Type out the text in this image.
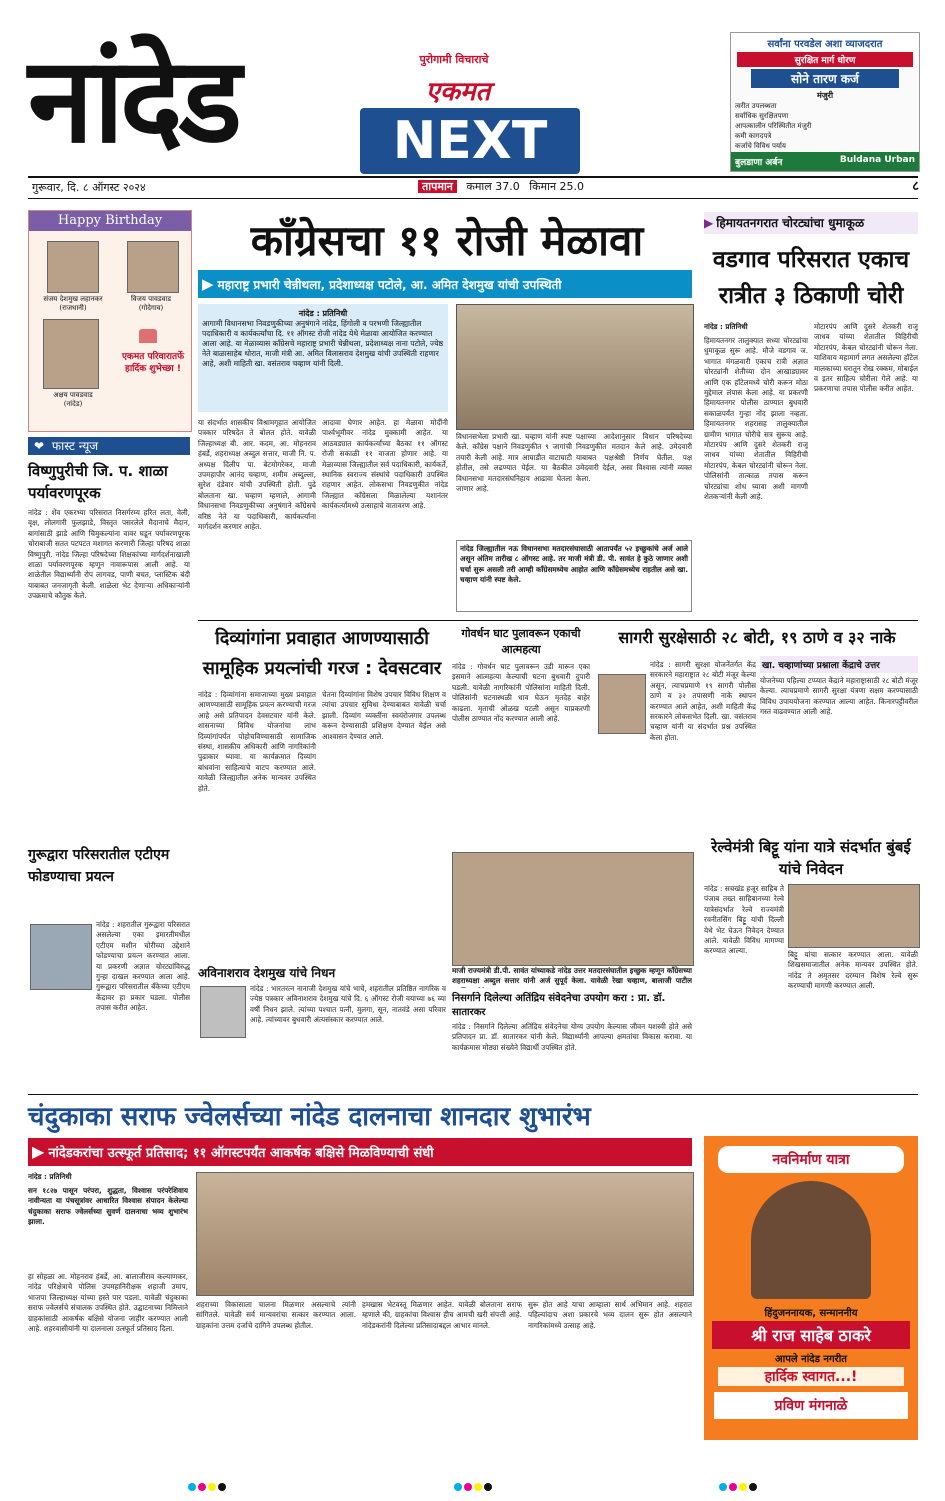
नांदेड	पुरोगामी विचाराचे
एकमत
NEXT
सर्वांना परवडेल अशा व्याजदरात
सुरक्षित मार्ग धोरण
सोने तारण कर्ज
मंजुरी
त्वरीत उपलब्धता
सर्वाधिक सुरक्षितपणा
आपत्कालीन परिस्थितीत मंजुरी
कमी कागदपत्रे
कर्जाचे विविध पर्याय
बुलडाणा अर्बन	Buldana Urban
गुरूवार, दि. ८ ऑगस्ट २०२४	तापमान कमाल 37.0 किमान 25.0	८
Happy Birthday
संजय देशमुख लहानकर
(राजधानी)
विजय पावडवाड
(गोदेगाव)
अक्षय पावडवाड
(नांदेड)
एकमत परिवारातर्फे हार्दिक शुभेच्छा !
❤ फास्ट न्यूज
विष्णुपुरीची जि. प. शाळा पर्यावरणपूरक
नांदेड : शेंव एकरभ्या परिसरात निसर्गरम्य हरित लता, वेली, वृक्ष, लोलगारी फुलझाडे, विस्तृत पसरलेले मैदानाचे मैदान, बागांसाठी झाडे आणि चिमुकल्यांना वावर घडून पर्यावरणपूरक चोराबाजी सतत पटपटत मशागत करणारी जिल्हा परिषद शाळा विष्णुपुरी. नांदेड जिल्हा परिषदेच्या शिक्षकांच्या मार्गदर्शनाखाली शाळा पर्यावरणपूरक म्हणून नावारूपास आली आहे. या शाळेतील विद्यार्थ्यांनी रोप लागवड, पाणी बचत, प्लास्टिक बंदी याबाबत जनजागृती केली. शाळेला भेट देणाऱ्या अधिकाऱ्यांनी उपक्रमाचे कौतुक केले.
कॉंग्रेसचा ११ रोजी मेळावा
▶ महाराष्ट्र प्रभारी चेन्नीथला, प्रदेशाध्यक्ष पटोले, आ. अमित देशमुख यांची उपस्थिती
नांदेड : प्रतिनिधी
आगामी विधानसभा निवडणुकीच्या अनुषंगाने नांदेड, हिंगोली व परभणी जिल्ह्यातील पदाधिकारी व कार्यकर्त्यांचा दि. ११ ऑगस्ट रोजी नांदेड येथे मेळावा आयोजित करण्यात आला आहे. या मेळाव्यास कॉंग्रेसचे महाराष्ट्र प्रभारी चेन्नीथला, प्रदेशाध्यक्ष नाना पटोले, ज्येष्ठ नेते बाळासाहेब थोरात, माजी मंत्री आ. अमित विलासराव देशमुख यांची उपस्थिती राहणार आहे, अशी माहिती खा. वसंतराव चव्हाण यांनी दिली.
या संदर्भात शासकीय विश्रामगृहात आयोजित पत्रकार परिषदेत ते बोलत होते. यावेळी जिल्हाध्यक्ष बी. आर. कदम, आ. मोहनराव हंबर्डे, शहराध्यक्ष अब्दुल सत्तार, माजी नि. प. अध्यक्ष दिलीप पा. बेटमोगरेकर, माजी उपमहापौर आनंद चव्हाण, शमीम अब्दुल्ला, सुरेश दंडेवार यांची उपस्थिती होती. पुढे बोलताना खा. चव्हाण म्हणाले, आगामी विधानसभा निवडणुकीच्या अनुषंगाने कॉंग्रेसचे वरिष्ठ नेते या पदाधिकारी, कार्यकर्त्यांना मार्गदर्शन करणार आहेत.
आदावा घेणार आहेत. हा मेळावा मोदींनी पार्श्वभूमीवर नांदेड मुक्कामी आहेत. या आठवड्यात कार्यकर्त्यांच्या बैठका ११ ऑगस्ट रोजी सकाळी ११ वाजता होणार आहे. या मेळाव्यास जिल्ह्यातील सर्व पदाधिकारी, कार्यकर्ते, स्थानिक स्वराज्य संस्थांचे पदाधिकारी उपस्थित राहणार आहेत. लोकसभा निवडणुकीत नांदेड जिल्ह्यात कॉंग्रेसला मिळालेल्या यशानंतर कार्यकर्त्यांमध्ये उत्साहाचे वातावरण आहे.
विधानसभेला प्रभारी खा. चव्हाण यांनी स्पष्ट केले. कॉंग्रेस पक्षाने निवडणुकीत ९ जागांची तयारी केली आहे. मात्र आघाडीत वाटाघाटी होतील, तसे लढण्यात येईल. या बैठकीत विधानसभा मतदारसंघनिहाय आढावा घेतला जाणार आहे.
पक्षाच्या आदेशानुसार विधान परिषदेच्या निवडणुकीत मतदान केले आहे. उमेदवारी याबाबत पक्षश्रेष्ठी निर्णय घेतील. पक्ष उमेदवारी देईल, असा विश्वास त्यांनी व्यक्त केला.
नांदेड जिल्ह्यातील नऊ विधानसभा मतदारसंघासाठी आतापर्यंत ५२ इच्छुकांचे अर्ज आले असून अंतिम तारीख ८ ऑगस्ट आहे. तर माजी मंत्री डी. पी. सावंत हे कुठे जाणार अशी चर्चा सुरू असली तरी आम्ही कॉंग्रेसमध्येच आहोत आणि कॉंग्रेसमध्येच राहतील असे खा. चव्हाण यांनी स्पष्ट केले.
▶ हिमायतनगरात चोरट्यांचा धुमाकूळ
वडगाव परिसरात एकाच रात्रीत ३ ठिकाणी चोरी
नांदेड : प्रतिनिधी
हिमायतनगर तालुक्यात सध्या चोरट्यांचा धुमाकूळ सुरू आहे. मौजे वडगाव ज. भागात मंगळवारी एकाच रात्री अज्ञात चोरट्यांनी शेतीच्या दोन आखाड्यावर आणि एक हॉटेलमध्ये चोरी करून मोठा मुद्देमाल लंपास केला आहे. या प्रकरणी हिमायतनगर पोलीस ठाण्यात बुधवारी सकाळपर्यंत गुन्हा नोंद झाला नव्हता. हिमायतनगर शहरासह तालुक्यातील ग्रामीण भागात चोरीचे सत्र सुरूच आहे. मोटारपंप आणि दुसरे शेतकरी राजू जाधव यांच्या शेतातील विहिरीची मोटारपंप, केबल चोरट्यांनी चोरून नेला. पोलिसांनी तात्काळ तपास करून चोरट्यांचा शोध घ्यावा अशी मागणी शेतकऱ्यांनी केली आहे.
मोटारपंप आणि दुसरे शेतकरी राजू जाधव यांच्या शेतातील विहिरीची मोटारपंप, केबल चोरट्यांनी चोरून नेला. याशिवाय महामार्ग लगत असलेल्या हॉटेल मालकाच्या घरातून रोख रक्कम, मोबाईल व इतर साहित्य चोरीला गेले आहे. या प्रकरणाचा तपास पोलीस करीत आहेत.
दिव्यांगांना प्रवाहात आणण्यासाठी सामूहिक प्रयत्नांची गरज : देवसटवार
नांदेड : दिव्यांगांना समाजाच्या मुख्य प्रवाहात आणण्यासाठी सामूहिक प्रयत्न करण्याची गरज आहे असे प्रतिपादन देवसटवार यांनी केले. शासनाच्या विविध योजनांचा लाभ दिव्यांगांपर्यंत पोहोचविण्यासाठी सामाजिक संस्था, शासकीय अधिकारी आणि नागरिकांनी पुढाकार घ्यावा. या कार्यक्रमात दिव्यांग बांधवांना साहित्याचे वाटप करण्यात आले. यावेळी जिल्ह्यातील अनेक मान्यवर उपस्थित होते.
चेतना दिव्यांगांना विशेष उपचार विविध शिक्षण व त्यांचा उपचार सुविधा देण्याबाबत यावेळी चर्चा झाली. दिव्यांग व्यक्तींना स्वयंरोजगार उपलब्ध करून देण्यासाठी प्रशिक्षण देण्यात येईल असे आश्वासन देण्यात आले.
गोवर्धन घाट पुलावरून एकाची आत्महत्या
नांदेड : गोवर्धन घाट पुलावरून उडी मारून एका इसमाने आत्महत्या केल्याची घटना बुधवारी दुपारी घडली. यावेळी नागरिकांनी पोलिसांना माहिती दिली. पोलिसांनी घटनास्थळी धाव घेऊन मृतदेह बाहेर काढला. मृताची ओळख पटली असून याप्रकरणी पोलीस ठाण्यात नोंद करण्यात आली आहे.
सागरी सुरक्षेसाठी २८ बोटी, १९ ठाणे व ३२ नाके
नांदेड : सागरी सुरक्षा योजनेंतर्गत केंद्र सरकारने महाराष्ट्रात २८ बोटी मंजूर केल्या असून, त्याचप्रमाणे १९ सागरी पोलीस ठाणे व ३२ तपासणी नाके स्थापन करण्यात आले आहेत, अशी माहिती केंद्र सरकारने लोकसभेत दिली. खा. वसंतराव चव्हाण यांनी या संदर्भात प्रश्न उपस्थित केला होता.
खा. चव्हाणांच्या प्रश्नाला केंद्राचे उत्तर
योजनेच्या पहिल्या टप्प्यात केंद्राने महाराष्ट्रासाठी २८ बोटी मंजूर केल्या. त्याचप्रमाणे सागरी सुरक्षा यंत्रणा सक्षम करण्यासाठी विविध उपाययोजना करण्यात आल्या आहेत. किनारपट्टीवरील गस्त वाढवण्यात आली आहे.
रेल्वेमंत्री बिट्टू यांना यात्रे संदर्भात बुंबई यांचे निवेदन
नांदेड : सचखंड हजूर साहिब ते पंजाब तख्त साहिबानच्या रेल्वे यात्रेसंदर्भात रेल्वे राज्यमंत्री रवनीतसिंग बिट्टू यांची दिल्ली येथे भेट घेऊन निवेदन देण्यात आले. यावेळी विविध मागण्या करण्यात आल्या.	बिट्टू यांचा सत्कार करण्यात आला. यावेळी शिखसमाजातील अनेक मान्यवर उपस्थित होते. नांदेड ते अमृतसर दरम्यान विशेष रेल्वे सुरू करण्याची मागणी करण्यात आली.
माजी राज्यमंत्री डी.पी. सावंत यांच्याकडे नांदेड उत्तर मतदारसंघातील इच्छुक म्हणून कॉंग्रेसच्या शहराध्यक्षा अब्दुल सत्तार यांनी अर्ज सुपूर्द केला. यावेळी रेखा चव्हाण, बालाजी पाटील
गुरूद्वारा परिसरातील एटीएम फोडण्याचा प्रयत्न
नांदेड : शहरातील गुरूद्वारा परिसरात असलेल्या एका इमारतीमधील एटीएम मशीन चोरीच्या उद्देशाने फोडण्याचा प्रयत्न करण्यात आला. या प्रकरणी अज्ञात चोरट्यांविरुद्ध गुन्हा दाखल करण्यात आला आहे. गुरूद्वारा परिसरातील बँकेच्या एटीएम केंद्रावर हा प्रकार घडला. पोलीस तपास करीत आहेत.
अविनाशराव देशमुख यांचे निधन
नांदेड : भारतरत्न नानाजी देशमुख यांचे भाचे, शहरातील प्रतिष्ठित नागरिक व ज्येष्ठ पत्रकार अविनाशराव देशमुख यांचे दि. ६ ऑगस्ट रोजी वयाच्या ७६ व्या वर्षी निधन झाले. त्यांच्या पश्चात पत्नी, मुलगा, सून, नातवंडे असा परिवार आहे. त्यांच्यावर बुधवारी अंत्यसंस्कार करण्यात आले.
निसर्गाने दिलेल्या अतिंद्रिय संवेदनेचा उपयोग करा : प्रा. डॉ. सातारकर
नांदेड : निसर्गाने दिलेल्या अतिंद्रिय संवेदनेचा योग्य उपयोग केल्यास जीवन यशस्वी होते असे प्रतिपादन प्रा. डॉ. सातारकर यांनी केले. विद्यार्थ्यांनी आपल्या क्षमतांचा विकास करावा. या कार्यक्रमास मोठ्या संख्येने विद्यार्थी उपस्थित होते.
चंदुकाका सराफ ज्वेलर्सच्या नांदेड दालनाचा शानदार शुभारंभ
▶ नांदेडकरांचा उत्स्फूर्त प्रतिसाद; ११ ऑगस्टपर्यंत आकर्षक बक्षिसे मिळविण्याची संधी
नांदेड : प्रतिनिधी
सन १८२७ पासून परंपरा, शुद्धता, विश्वास परंपरेशिवाय नावीन्यता या पंचसूत्रांवर आधारित विश्वास संपादन केलेल्या चंदुकाका सराफ ज्वेलर्सच्या सुवर्ण दालनाचा भव्य शुभारंभ झाला.
हा सोहळा आ. मोहनराव हंबर्डे, आ. बालाजीराव कल्याणकर, नांदेड परिक्षेत्राचे पोलिस उपमहानिरीक्षक शहाजी उमाप, भाजपा जिल्हाध्यक्ष यांच्या हस्ते पार पडला. यावेळी चंदुकाका सराफ ज्वेलर्सचे संचालक उपस्थित होते. उद्घाटनाच्या निमित्ताने ग्राहकांसाठी आकर्षक बक्षिसे योजना जाहीर करण्यात आली आहे. शहरवासीयांनी या दालनाला उत्स्फूर्त प्रतिसाद दिला.
शहराच्या विकासाला चालना मिळणार असल्याचे त्यांनी सांगितले. यावेळी सर्व मान्यवरांचा सत्कार करण्यात आला. ग्राहकांना उत्तम दर्जाचे दागिने उपलब्ध होतील.
हमखास भेटवस्तू मिळणार आहेत. यावेळी बोलताना सराफ म्हणाले की, ग्राहकांचा विश्वास हीच आमची खरी संपत्ती आहे. नांदेडकरांनी दिलेल्या प्रतिसादाबद्दल आभार मानले.
सुरू होत आहे याचा आम्हाला सार्थ अभिमान आहे. शहरात पहिल्यांदाच अशा प्रकारचे भव्य दालन सुरू होत असल्याने नागरिकांमध्ये उत्साह आहे.
नवनिर्माण यात्रा
हिंदुजननायक, सन्माननीय
श्री राज साहेब ठाकरे
आपले नांदेड नगरीत
हार्दिक स्वागत...!
प्रविण मंगनाळे
